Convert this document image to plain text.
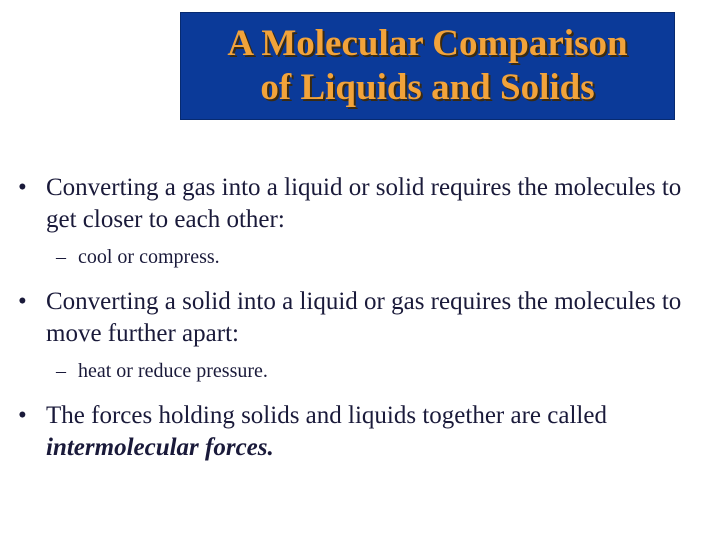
A Molecular Comparison
of Liquids and Solids
• Converting a gas into a liquid or solid requires the molecules to get closer to each other:
– cool or compress.
• Converting a solid into a liquid or gas requires the molecules to move further apart:
– heat or reduce pressure.
• The forces holding solids and liquids together are called intermolecular forces.
